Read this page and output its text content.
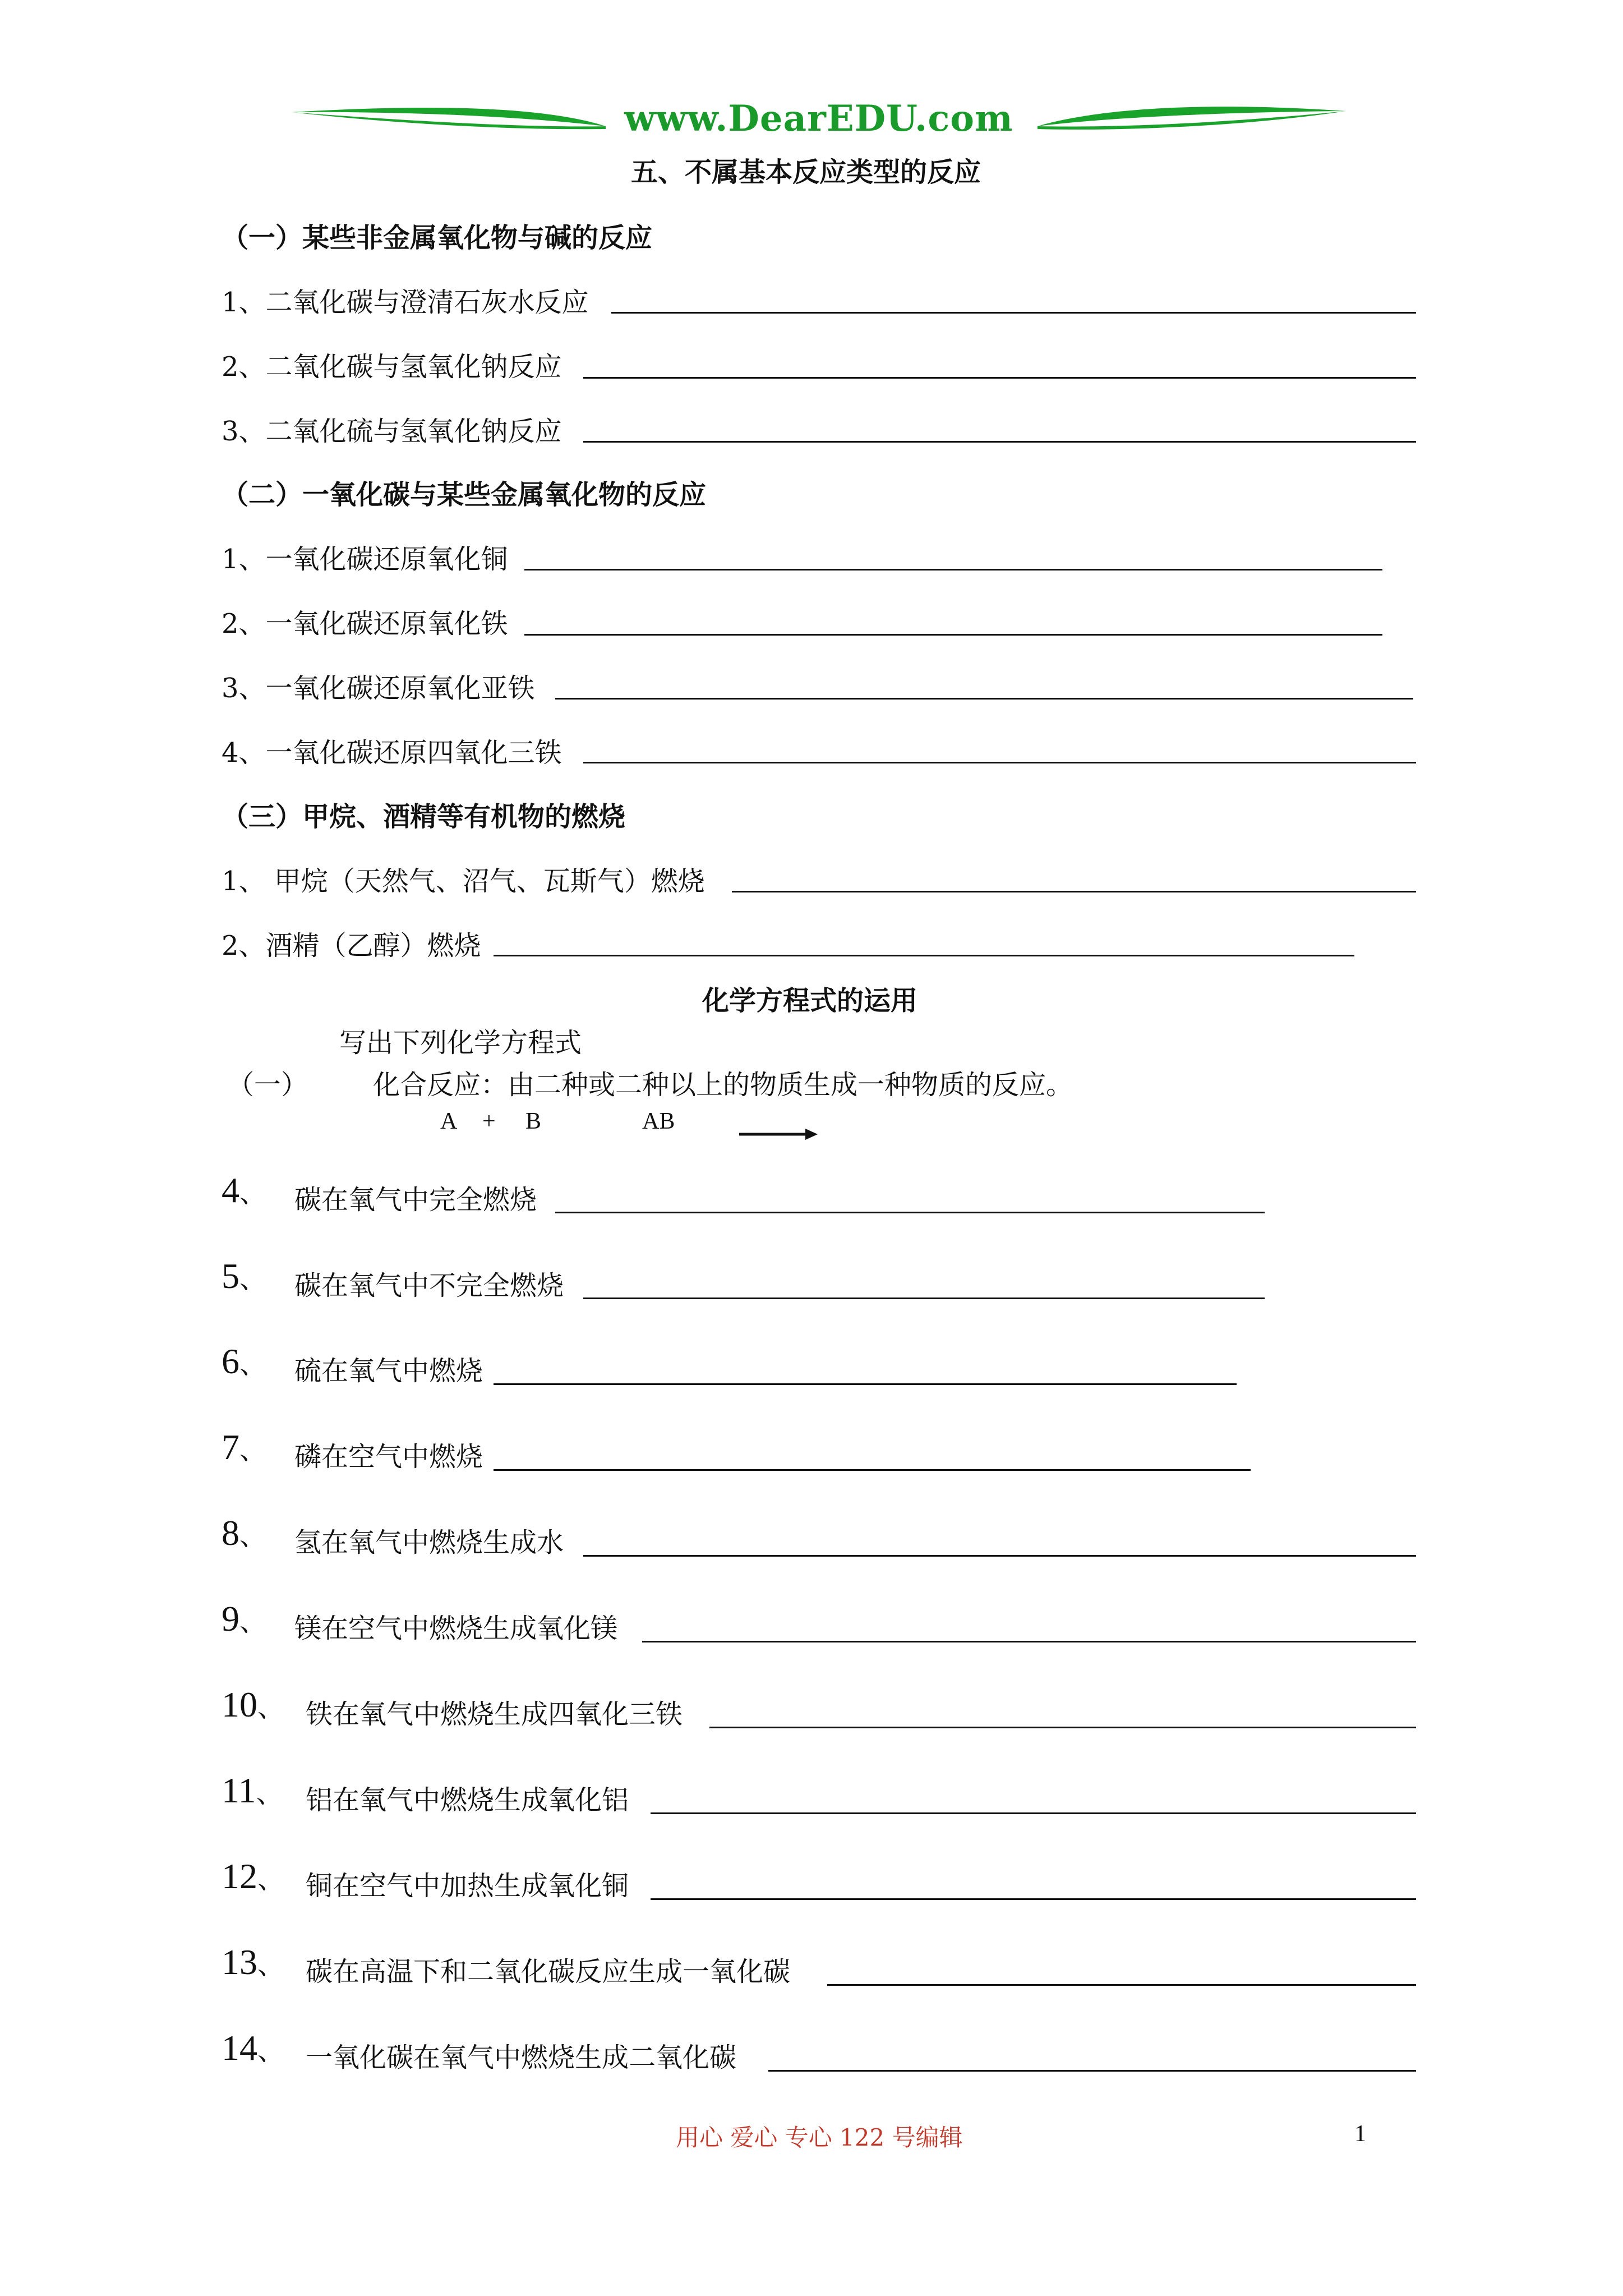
www.DearEDU.com
五、不属基本反应类型的反应
（一）某些非金属氧化物与碱的反应
1、二氧化碳与澄清石灰水反应
2、二氧化碳与氢氧化钠反应
3、二氧化硫与氢氧化钠反应
（二）一氧化碳与某些金属氧化物的反应
1、一氧化碳还原氧化铜
2、一氧化碳还原氧化铁
3、一氧化碳还原氧化亚铁
4、一氧化碳还原四氧化三铁
（三）甲烷、酒精等有机物的燃烧
1、 甲烷（天然气、沼气、瓦斯气）燃烧
2、酒精（乙醇）燃烧
化学方程式的运用
写出下列化学方程式
（一） 化合反应：由二种或二种以上的物质生成一种物质的反应。
A + B	AB
4、 碳在氧气中完全燃烧
5、 碳在氧气中不完全燃烧
6、 硫在氧气中燃烧
7、 磷在空气中燃烧
8、 氢在氧气中燃烧生成水
9、 镁在空气中燃烧生成氧化镁
10、 铁在氧气中燃烧生成四氧化三铁
11、 铝在氧气中燃烧生成氧化铝
12、 铜在空气中加热生成氧化铜
13、 碳在高温下和二氧化碳反应生成一氧化碳
14、 一氧化碳在氧气中燃烧生成二氧化碳
用心 爱心 专心 122 号编辑	1
